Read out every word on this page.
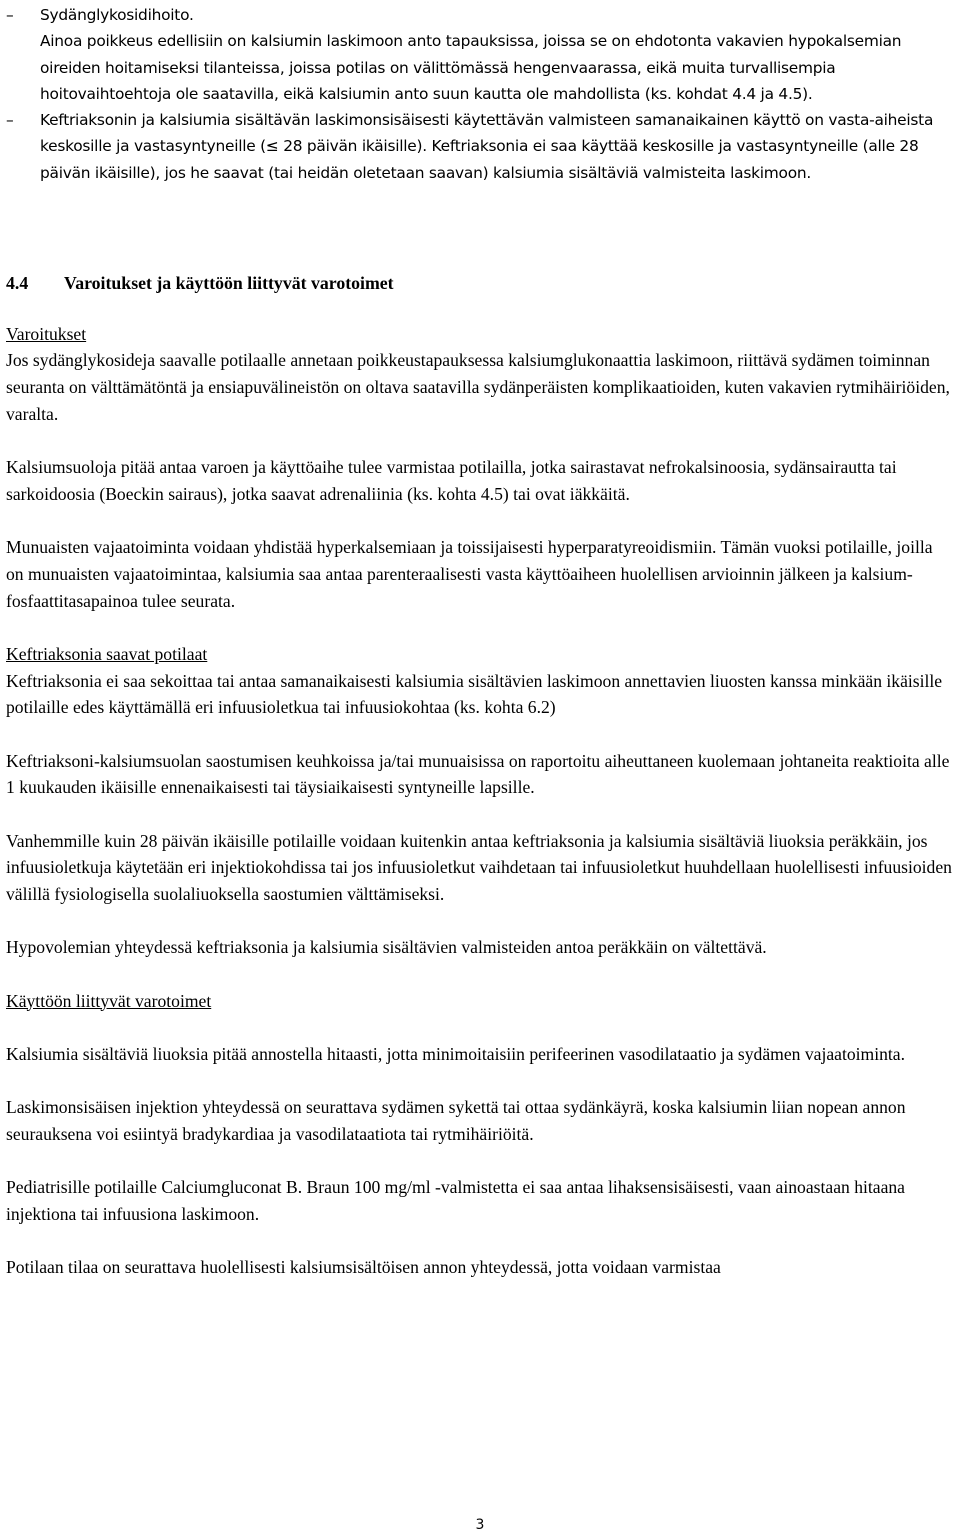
–	Sydänglykosidihoito.
Ainoa poikkeus edellisiin on kalsiumin laskimoon anto tapauksissa, joissa se on ehdotonta vakavien hypokalsemian oireiden hoitamiseksi tilanteissa, joissa potilas on välittömässä hengenvaarassa, eikä muita turvallisempia hoitovaihtoehtoja ole saatavilla, eikä kalsiumin anto suun kautta ole mahdollista (ks. kohdat 4.4 ja 4.5).
–	Keftriaksonin ja kalsiumia sisältävän laskimonsisäisesti käytettävän valmisteen samanaikainen käyttö on vasta-aiheista keskosille ja vastasyntyneille (≤ 28 päivän ikäisille). Keftriaksonia ei saa käyttää keskosille ja vastasyntyneille (alle 28 päivän ikäisille), jos he saavat (tai heidän oletetaan saavan) kalsiumia sisältäviä valmisteita laskimoon.
4.4 Varoitukset ja käyttöön liittyvät varotoimet
Varoitukset

Jos sydänglykosideja saavalle potilaalle annetaan poikkeustapauksessa kalsiumglukonaattia laskimoon, riittävä sydämen toiminnan seuranta on välttämätöntä ja ensiapuvälineistön on oltava saatavilla sydänperäisten komplikaatioiden, kuten vakavien rytmihäiriöiden, varalta.

Kalsiumsuoloja pitää antaa varoen ja käyttöaihe tulee varmistaa potilailla, jotka sairastavat nefrokalsinoosia, sydänsairautta tai sarkoidoosia (Boeckin sairaus), jotka saavat adrenaliinia (ks. kohta 4.5) tai ovat iäkkäitä.

Munuaisten vajaatoiminta voidaan yhdistää hyperkalsemiaan ja toissijaisesti hyperparatyreoidismiin. Tämän vuoksi potilaille, joilla on munuaisten vajaatoimintaa, kalsiumia saa antaa parenteraalisesti vasta käyttöaiheen huolellisen arvioinnin jälkeen ja kalsium-fosfaattitasapainoa tulee seurata.

Keftriaksonia saavat potilaat

Keftriaksonia ei saa sekoittaa tai antaa samanaikaisesti kalsiumia sisältävien laskimoon annettavien liuosten kanssa minkään ikäisille potilaille edes käyttämällä eri infuusioletkua tai infuusiokohtaa (ks. kohta 6.2)

Keftriaksoni-kalsiumsuolan saostumisen keuhkoissa ja/tai munuaisissa on raportoitu aiheuttaneen kuolemaan johtaneita reaktioita alle 1 kuukauden ikäisille ennenaikaisesti tai täysiaikaisesti syntyneille lapsille.

Vanhemmille kuin 28 päivän ikäisille potilaille voidaan kuitenkin antaa keftriaksonia ja kalsiumia sisältäviä liuoksia peräkkäin, jos infuusioletkuja käytetään eri injektiokohdissa tai jos infuusioletkut vaihdetaan tai infuusioletkut huuhdellaan huolellisesti infuusioiden välillä fysiologisella suolaliuoksella saostumien välttämiseksi.

Hypovolemian yhteydessä keftriaksonia ja kalsiumia sisältävien valmisteiden antoa peräkkäin on vältettävä.

Käyttöön liittyvät varotoimet

Kalsiumia sisältäviä liuoksia pitää annostella hitaasti, jotta minimoitaisiin perifeerinen vasodilataatio ja sydämen vajaatoiminta.

Laskimonsisäisen injektion yhteydessä on seurattava sydämen sykettä tai ottaa sydänkäyrä, koska kalsiumin liian nopean annon seurauksena voi esiintyä bradykardiaa ja vasodilataatiota tai rytmihäiriöitä.

Pediatrisille potilaille Calciumgluconat B. Braun 100 mg/ml -valmistetta ei saa antaa lihaksensisäisesti, vaan ainoastaan hitaana injektiona tai infuusiona laskimoon.

Potilaan tilaa on seurattava huolellisesti kalsiumsisältöisen annon yhteydessä, jotta voidaan varmistaa

3
